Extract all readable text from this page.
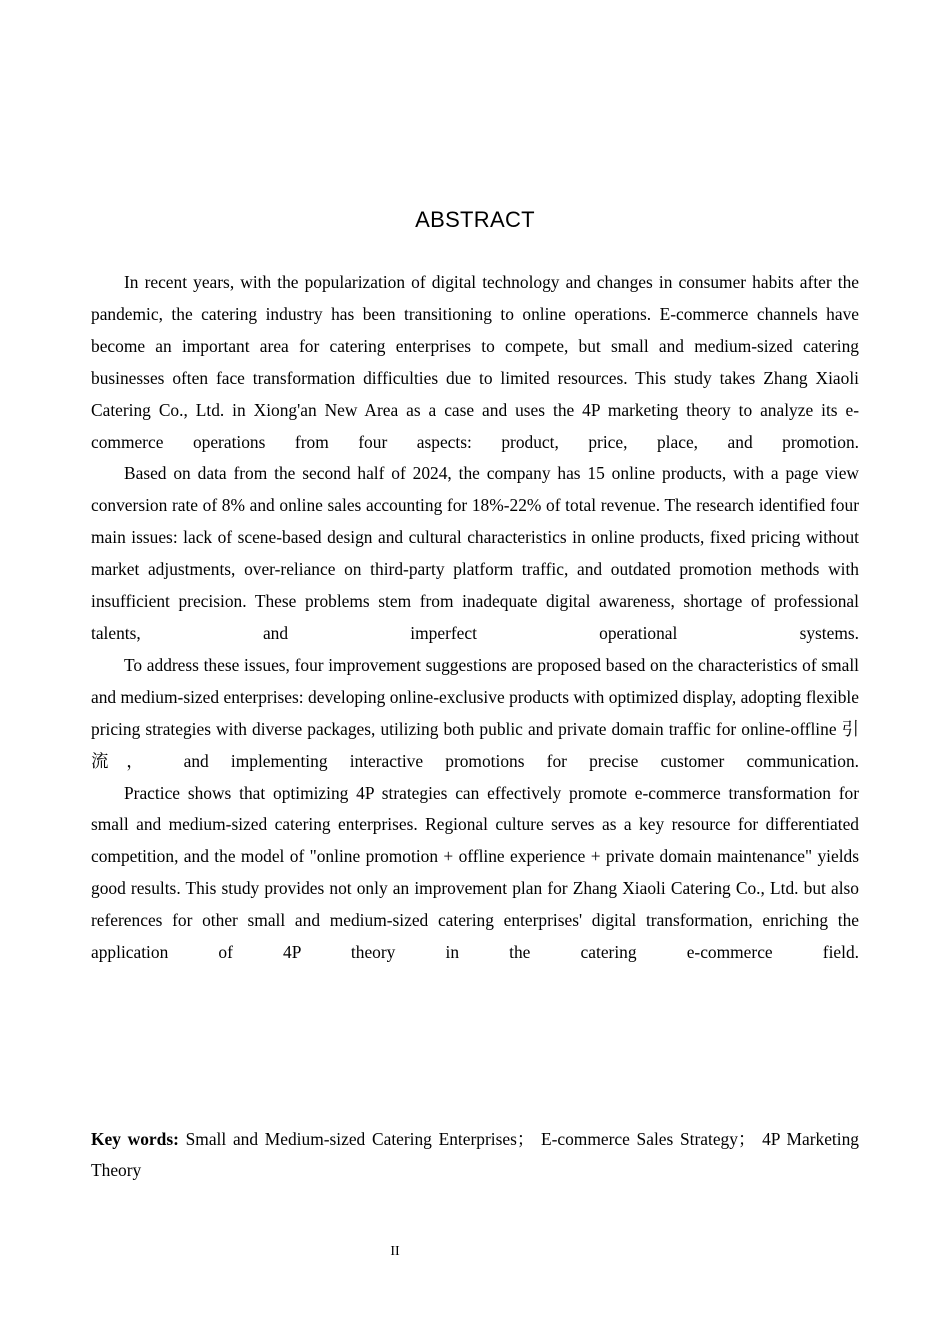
ABSTRACT

In recent years, with the popularization of digital technology and changes in consumer habits after the pandemic, the catering industry has been transitioning to online operations. E-commerce channels have become an important area for catering enterprises to compete, but small and medium-sized catering businesses often face transformation difficulties due to limited resources. This study takes Zhang Xiaoli Catering Co., Ltd. in Xiong'an New Area as a case and uses the 4P marketing theory to analyze its e-commerce operations from four aspects: product, price, place, and promotion.

Based on data from the second half of 2024, the company has 15 online products, with a page view conversion rate of 8% and online sales accounting for 18%-22% of total revenue. The research identified four main issues: lack of scene-based design and cultural characteristics in online products, fixed pricing without market adjustments, over-reliance on third-party platform traffic, and outdated promotion methods with insufficient precision. These problems stem from inadequate digital awareness, shortage of professional talents, and imperfect operational systems.

To address these issues, four improvement suggestions are proposed based on the characteristics of small and medium-sized enterprises: developing online-exclusive products with optimized display, adopting flexible pricing strategies with diverse packages, utilizing both public and private domain traffic for online-offline 引流， and implementing interactive promotions for precise customer communication.

Practice shows that optimizing 4P strategies can effectively promote e-commerce transformation for small and medium-sized catering enterprises. Regional culture serves as a key resource for differentiated competition, and the model of "online promotion + offline experience + private domain maintenance" yields good results. This study provides not only an improvement plan for Zhang Xiaoli Catering Co., Ltd. but also references for other small and medium-sized catering enterprises' digital transformation, enriching the application of 4P theory in the catering e-commerce field.

Key words: Small and Medium-sized Catering Enterprises； E-commerce Sales Strategy； 4P Marketing Theory
II
